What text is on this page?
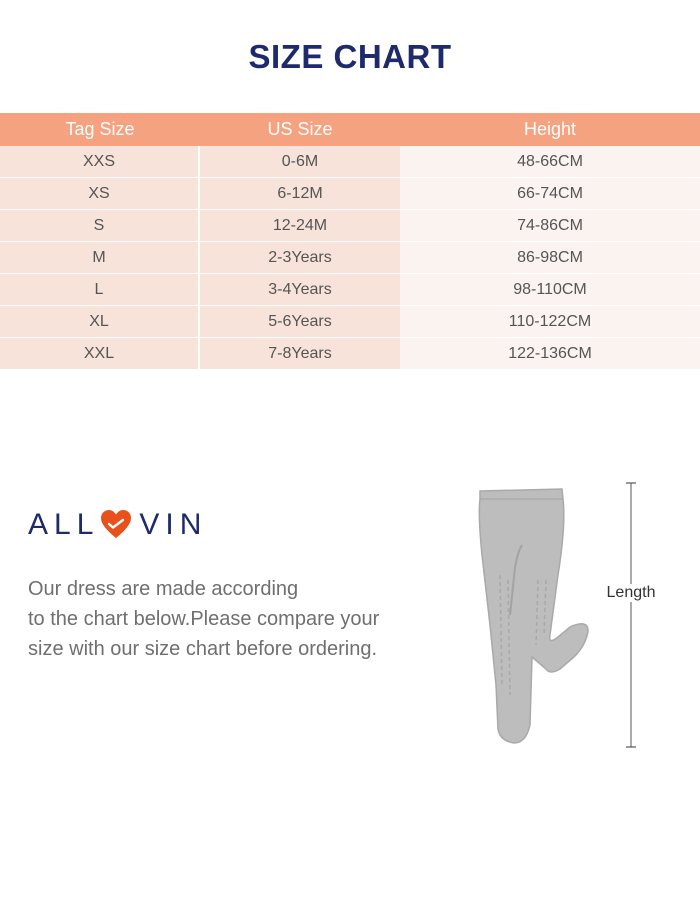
SIZE CHART
Tag Size	US Size	Height
XXS	0-6M	48-66CM
XS	6-12M	66-74CM
S	12-24M	74-86CM
M	2-3Years	86-98CM
L	3-4Years	98-110CM
XL	5-6Years	110-122CM
XXL	7-8Years	122-136CM
ALL VIN
Our dress are made according
to the chart below.Please compare your
size with our size chart before ordering.
Length
